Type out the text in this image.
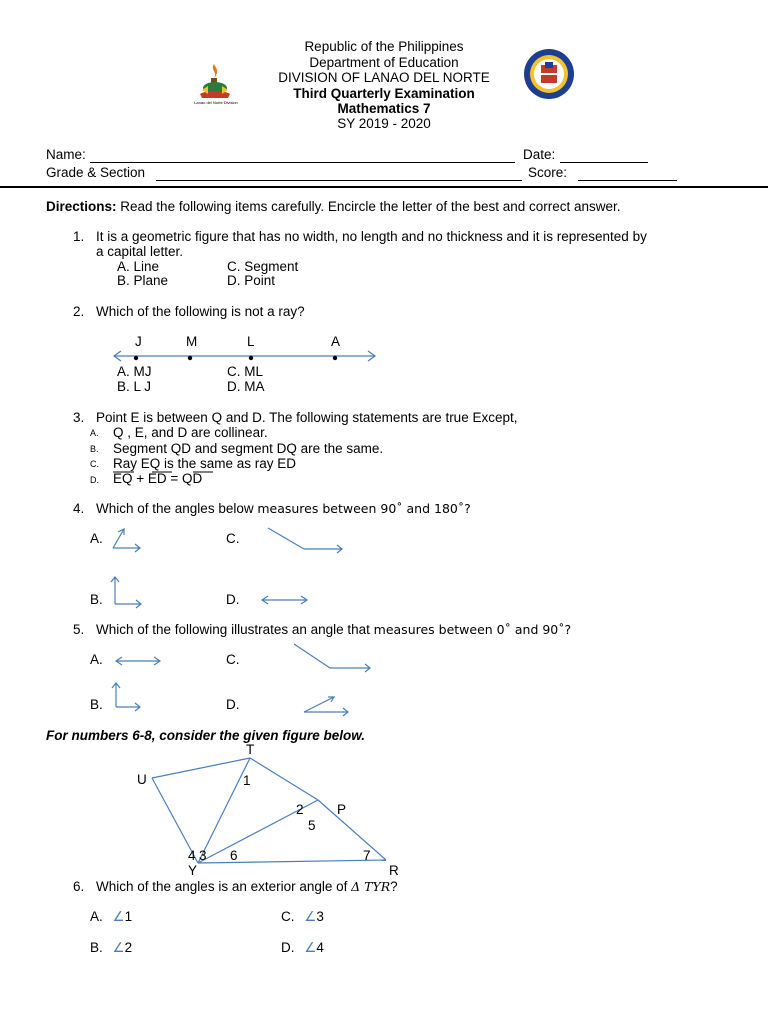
Lanao del Norte Division
Republic of the Philippines
Department of Education
DIVISION OF LANAO DEL NORTE
Third Quarterly Examination
Mathematics 7
SY 2019 - 2020
Name:	Date:
Grade & Section	Score:
Directions: Read the following items carefully. Encircle the letter of the best and correct answer.
1. It is a geometric figure that has no width, no length and no thickness and it is represented by
a capital letter.
A. Line	C. Segment
B. Plane	D. Point
2. Which of the following is not a ray?
J	M	L	A
A. MJ	C. ML
B. L J	D. MA
3. Point E is between Q and D. The following statements are true Except,
A. Q , E, and D are collinear.
B. Segment QD and segment DQ are the same.
C. Ray EQ is the same as ray ED
D. EQ + ED = QD
4. Which of the angles below measures between 90˚ and 180˚?
A.	C.
B.	D.
5. Which of the following illustrates an angle that measures between 0˚ and 90˚?
A.	C.
B.	D.
For numbers 6-8, consider the given figure below.
T
U	1
2 P
5
4 3 6	7
Y	R
6. Which of the angles is an exterior angle of Δ TYR?
A. ∠1	C. ∠3
B. ∠2	D. ∠4
